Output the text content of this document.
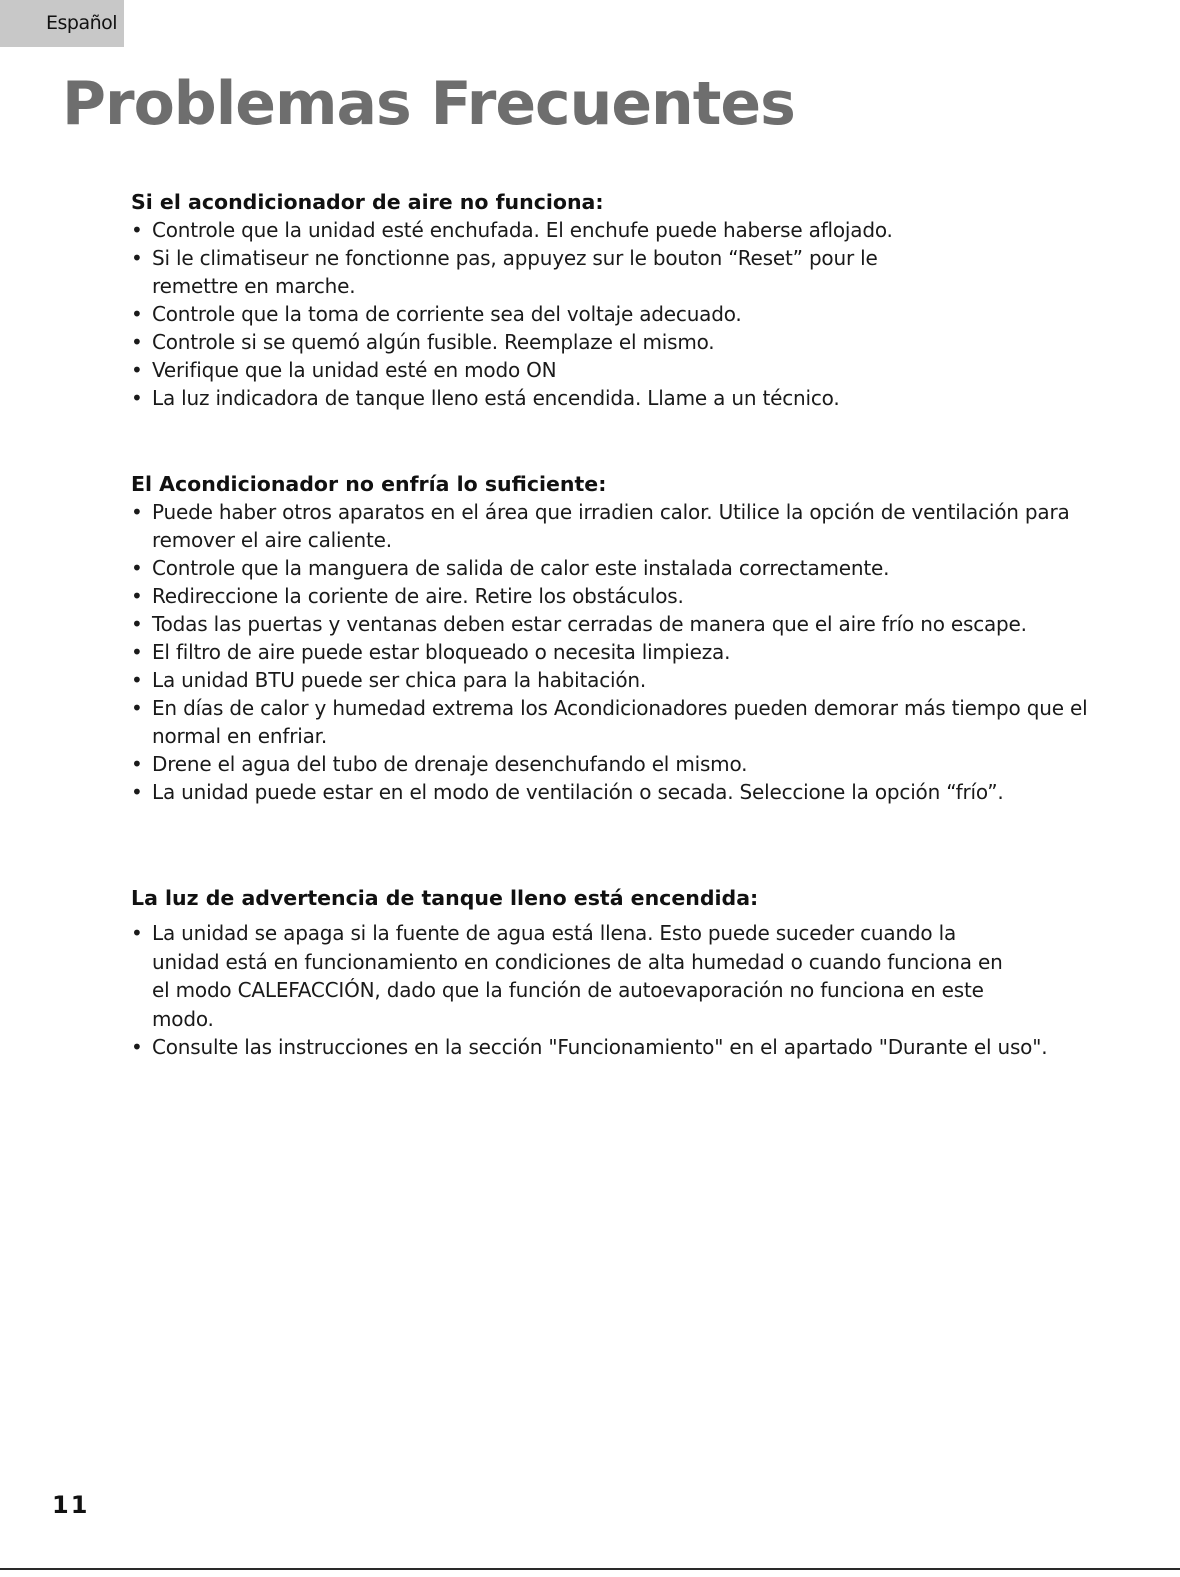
Español
Problemas Frecuentes
Si el acondicionador de aire no funciona:
• Controle que la unidad esté enchufada. El enchufe puede haberse aflojado.
• Si le climatiseur ne fonctionne pas, appuyez sur le bouton “Reset” pour le remettre en marche.
• Controle que la toma de corriente sea del voltaje adecuado.
• Controle si se quemó algún fusible. Reemplaze el mismo.
• Verifique que la unidad esté en modo ON
• La luz indicadora de tanque lleno está encendida. Llame a un técnico.
El Acondicionador no enfría lo suficiente:
• Puede haber otros aparatos en el área que irradien calor. Utilice la opción de ventilación para remover el aire caliente.
• Controle que la manguera de salida de calor este instalada correctamente.
• Redireccione la coriente de aire. Retire los obstáculos.
• Todas las puertas y ventanas deben estar cerradas de manera que el aire frío no escape.
• El filtro de aire puede estar bloqueado o necesita limpieza.
• La unidad BTU puede ser chica para la habitación.
• En días de calor y humedad extrema los Acondicionadores pueden demorar más tiempo que el normal en enfriar.
• Drene el agua del tubo de drenaje desenchufando el mismo.
• La unidad puede estar en el modo de ventilación o secada. Seleccione la opción “frío”.
La luz de advertencia de tanque lleno está encendida:
• La unidad se apaga si la fuente de agua está llena. Esto puede suceder cuando la unidad está en funcionamiento en condiciones de alta humedad o cuando funciona en el modo CALEFACCIÓN, dado que la función de autoevaporación no funciona en este modo.
• Consulte las instrucciones en la sección "Funcionamiento" en el apartado "Durante el uso".
11
